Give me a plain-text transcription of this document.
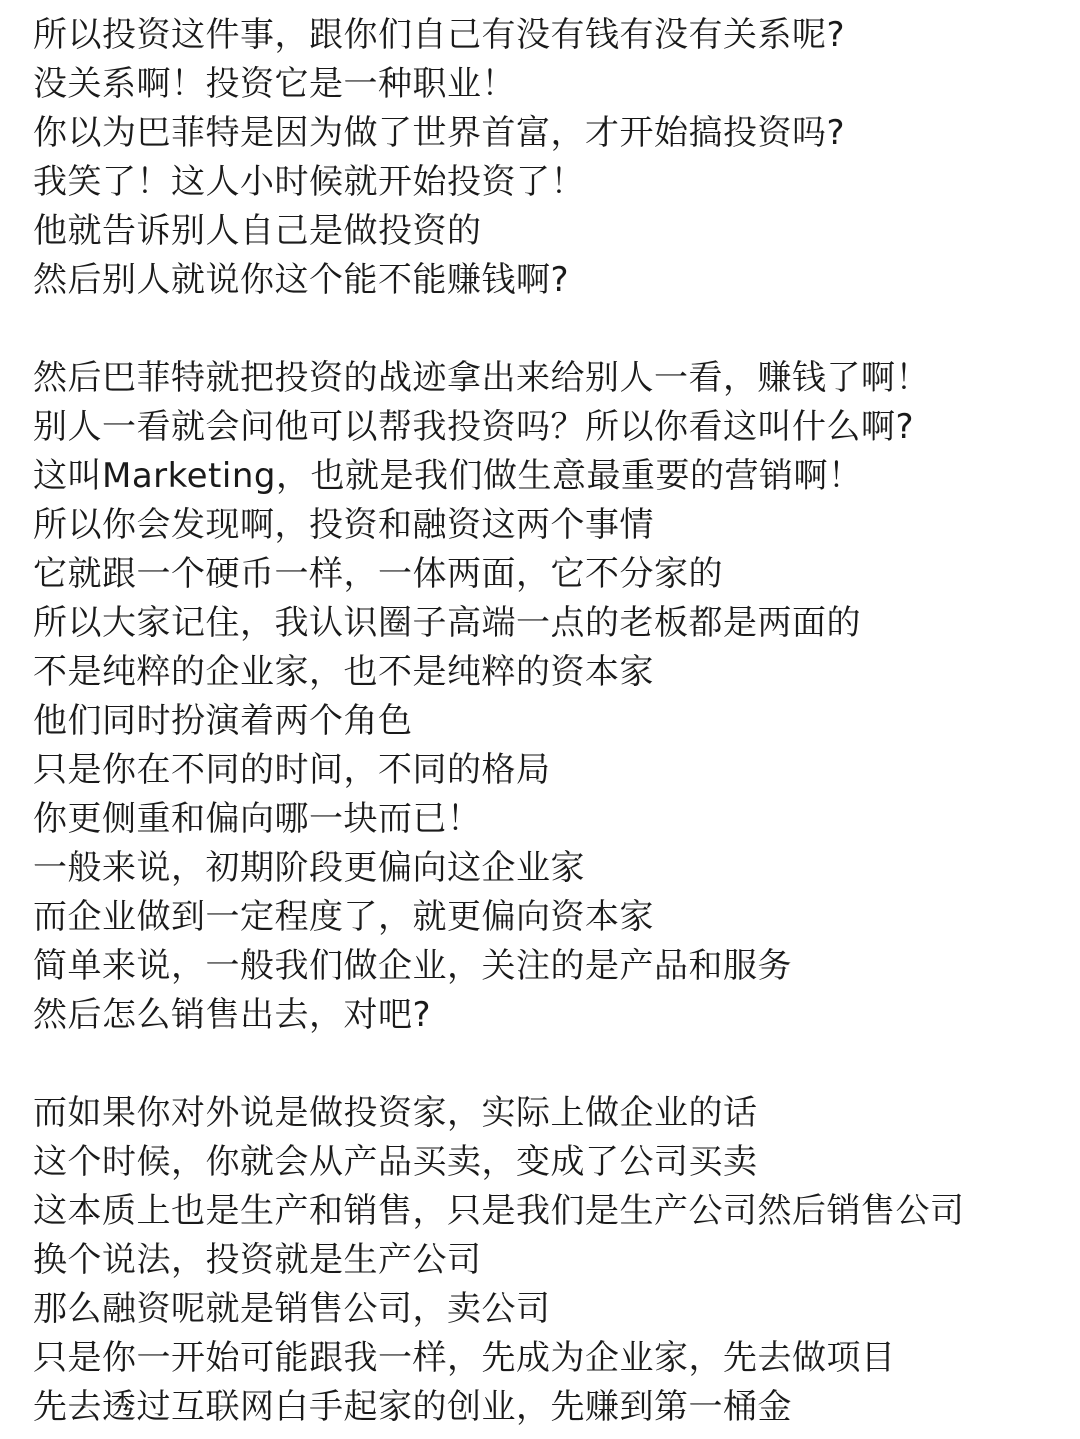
所以投资这件事，跟你们自己有没有钱有没有关系呢?
没关系啊！投资它是一种职业！
你以为巴菲特是因为做了世界首富，才开始搞投资吗?
我笑了！这人小时候就开始投资了！
他就告诉别人自己是做投资的
然后别人就说你这个能不能赚钱啊?
然后巴菲特就把投资的战迹拿出来给别人一看，赚钱了啊！
别人一看就会问他可以帮我投资吗？所以你看这叫什么啊?
这叫Marketing，也就是我们做生意最重要的营销啊！
所以你会发现啊，投资和融资这两个事情
它就跟一个硬币一样，一体两面，它不分家的
所以大家记住，我认识圈子高端一点的老板都是两面的
不是纯粹的企业家，也不是纯粹的资本家
他们同时扮演着两个角色
只是你在不同的时间，不同的格局
你更侧重和偏向哪一块而已！
一般来说，初期阶段更偏向这企业家
而企业做到一定程度了，就更偏向资本家
简单来说，一般我们做企业，关注的是产品和服务
然后怎么销售出去，对吧?
而如果你对外说是做投资家，实际上做企业的话
这个时候，你就会从产品买卖，变成了公司买卖
这本质上也是生产和销售，只是我们是生产公司然后销售公司
换个说法，投资就是生产公司
那么融资呢就是销售公司，卖公司
只是你一开始可能跟我一样，先成为企业家，先去做项目
先去透过互联网白手起家的创业，先赚到第一桶金
